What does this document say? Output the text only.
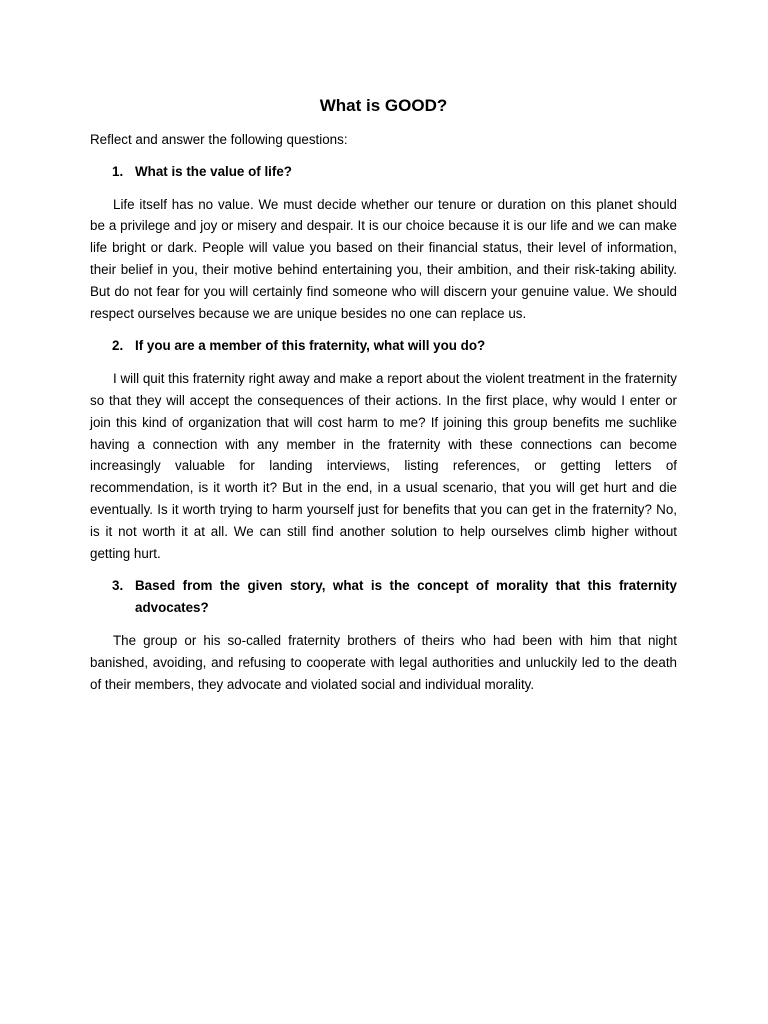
What is GOOD?
Reflect and answer the following questions:
1. What is the value of life?

Life itself has no value. We must decide whether our tenure or duration on this planet should be a privilege and joy or misery and despair. It is our choice because it is our life and we can make life bright or dark. People will value you based on their financial status, their level of information, their belief in you, their motive behind entertaining you, their ambition, and their risk-taking ability. But do not fear for you will certainly find someone who will discern your genuine value. We should respect ourselves because we are unique besides no one can replace us.

2. If you are a member of this fraternity, what will you do?

I will quit this fraternity right away and make a report about the violent treatment in the fraternity so that they will accept the consequences of their actions. In the first place, why would I enter or join this kind of organization that will cost harm to me? If joining this group benefits me suchlike having a connection with any member in the fraternity with these connections can become increasingly valuable for landing interviews, listing references, or getting letters of recommendation, is it worth it? But in the end, in a usual scenario, that you will get hurt and die eventually. Is it worth trying to harm yourself just for benefits that you can get in the fraternity? No, is it not worth it at all. We can still find another solution to help ourselves climb higher without getting hurt.

3. Based from the given story, what is the concept of morality that this fraternity advocates?

The group or his so-called fraternity brothers of theirs who had been with him that night banished, avoiding, and refusing to cooperate with legal authorities and unluckily led to the death of their members, they advocate and violated social and individual morality.
